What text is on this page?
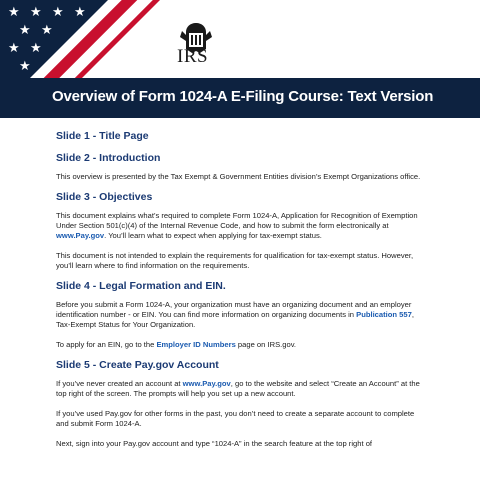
★ ★ ★ ★
★ ★
★ ★
★	IRS
Overview of Form 1024-A E-Filing Course: Text Version
Slide 1 - Title Page
Slide 2 - Introduction

This overview is presented by the Tax Exempt & Government Entities division’s Exempt Organizations office.

Slide 3 - Objectives

This document explains what’s required to complete Form 1024-A, Application for Recognition of Exemption Under Section 501(c)(4) of the Internal Revenue Code, and how to submit the form electronically at www.Pay.gov. You’ll learn what to expect when applying for tax-exempt status.

This document is not intended to explain the requirements for qualification for tax-exempt status. However, you’ll learn where to find information on the requirements.

Slide 4 - Legal Formation and EIN.

Before you submit a Form 1024-A, your organization must have an organizing document and an employer identification number - or EIN. You can find more information on organizing documents in Publication 557, Tax-Exempt Status for Your Organization.

To apply for an EIN, go to the Employer ID Numbers page on IRS.gov.

Slide 5 - Create Pay.gov Account

If you’ve never created an account at www.Pay.gov, go to the website and select “Create an Account” at the top right of the screen. The prompts will help you set up a new account.

If you’ve used Pay.gov for other forms in the past, you don’t need to create a separate account to complete and submit Form 1024-A.

Next, sign into your Pay.gov account and type “1024-A” in the search feature at the top right of
